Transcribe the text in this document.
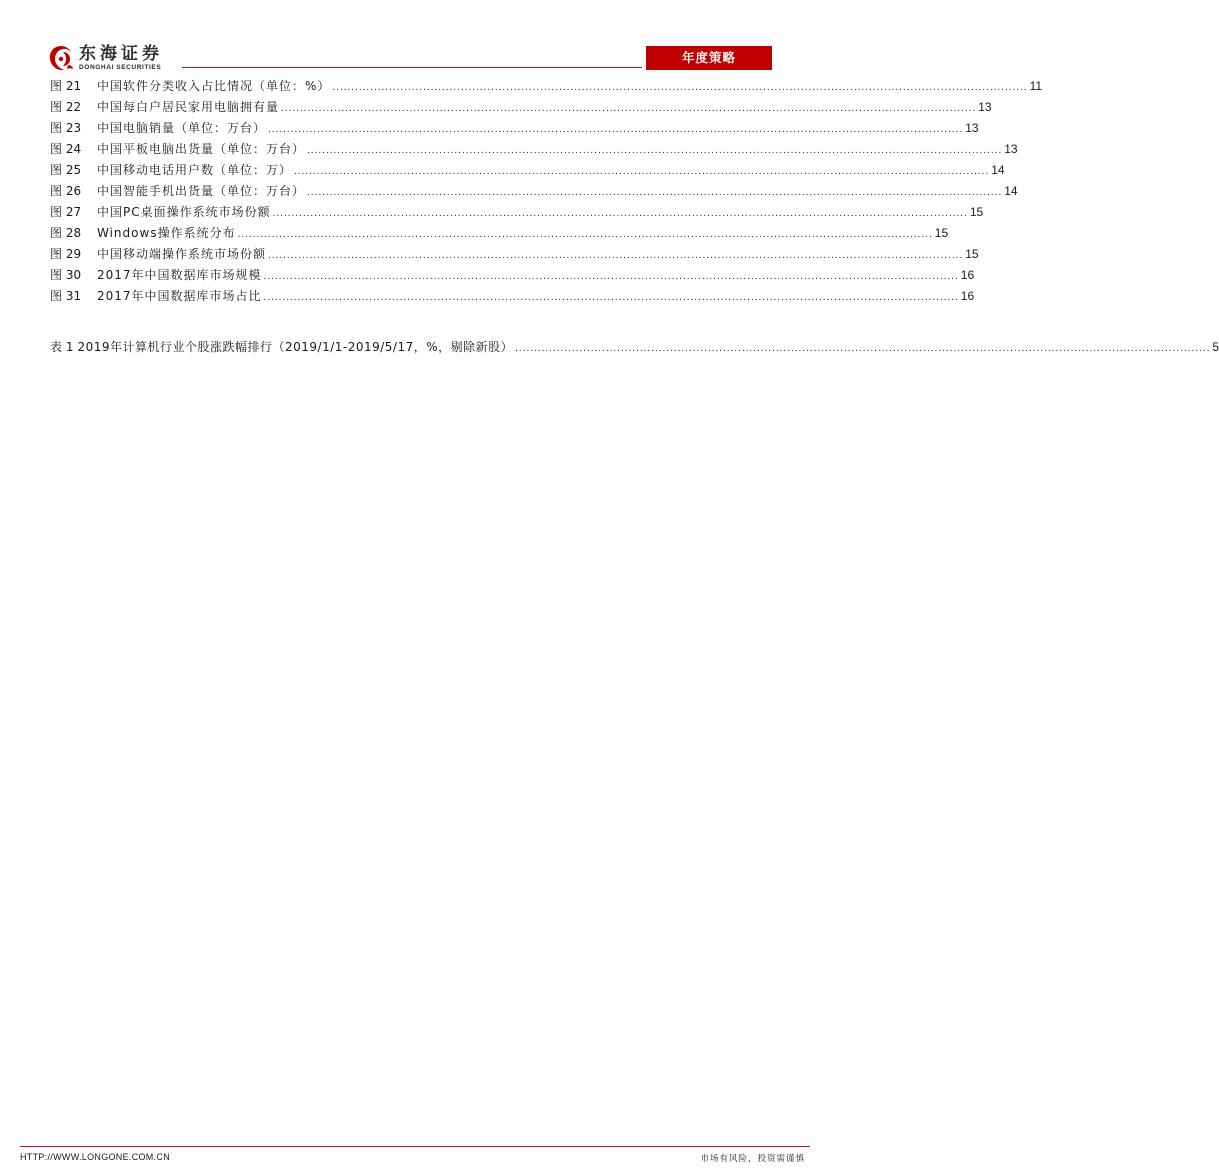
东海证券
DONGHAI SECURITIES
年度策略
图 21	中国软件分类收入占比情况（单位：%） ........................................................................................................................................................................................ 11
图 22	中国每白户居民家用电脑拥有量 ........................................................................................................................................................................................ 13
图 23	中国电脑销量（单位：万台） ........................................................................................................................................................................................ 13
图 24	中国平板电脑出货量（单位：万台） ........................................................................................................................................................................................ 13
图 25	中国移动电话用户数（单位：万） ........................................................................................................................................................................................ 14
图 26	中国智能手机出货量（单位：万台） ........................................................................................................................................................................................ 14
图 27	中国PC桌面操作系统市场份额 ........................................................................................................................................................................................ 15
图 28	Windows操作系统分布 ........................................................................................................................................................................................ 15
图 29	中国移动端操作系统市场份额 ........................................................................................................................................................................................ 15
图 30	2017年中国数据库市场规模 ........................................................................................................................................................................................ 16
图 31	2017年中国数据库市场占比 ........................................................................................................................................................................................ 16
表 1 2019年计算机行业个股涨跌幅排行（2019/1/1-2019/5/17，%，剔除新股） ........................................................................................................................................................................................ 5
HTTP://WWW.LONGONE.COM.CN	市场有风险，投资需谨慎
